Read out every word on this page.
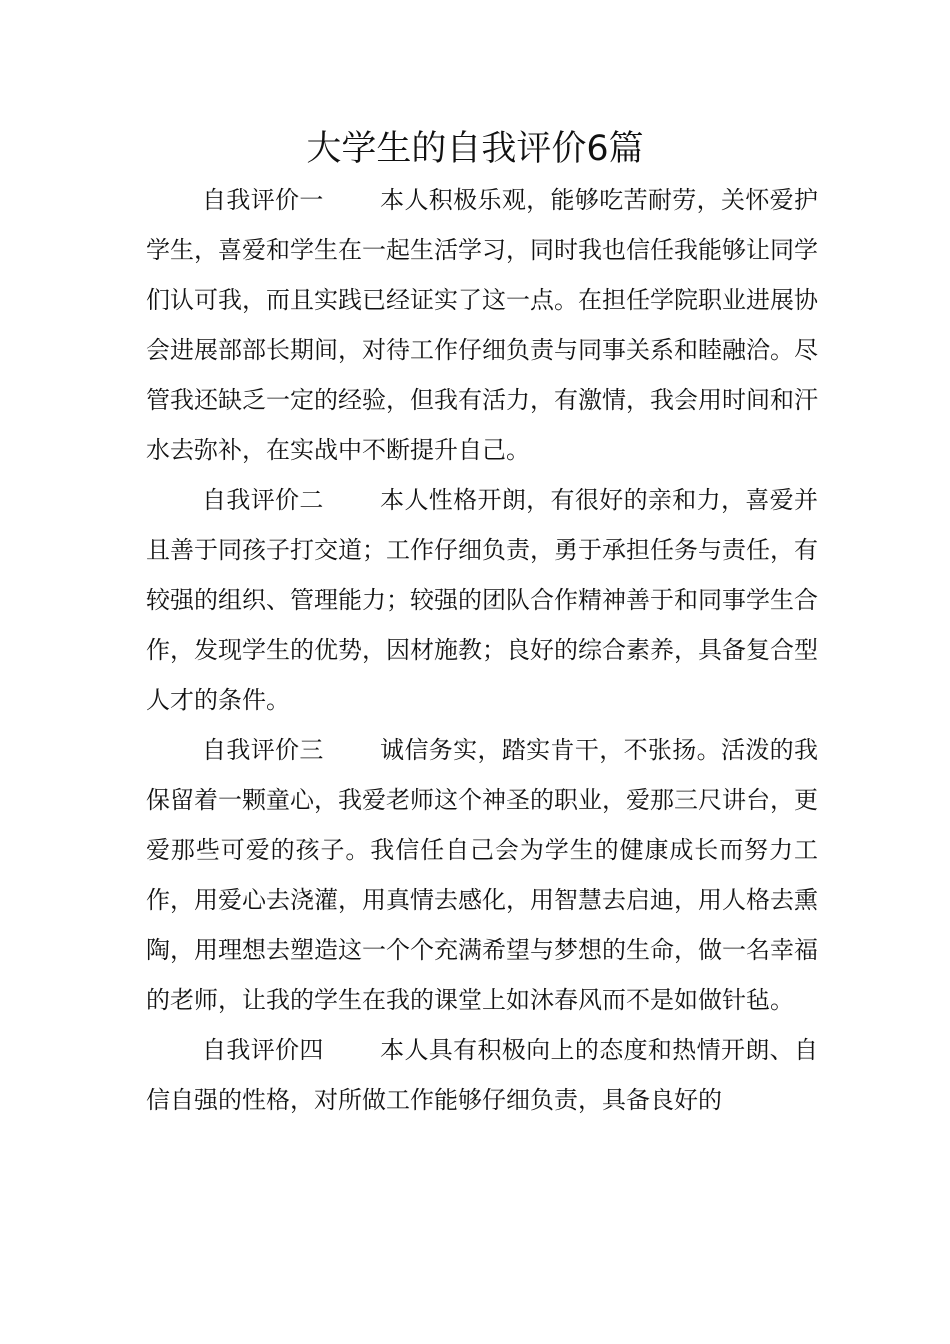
大学生的自我评价6篇

自我评价一 本人积极乐观，能够吃苦耐劳，关怀爱护学生，喜爱和学生在一起生活学习，同时我也信任我能够让同学们认可我，而且实践已经证实了这一点。在担任学院职业进展协会进展部部长期间，对待工作仔细负责与同事关系和睦融洽。尽管我还缺乏一定的经验，但我有活力，有激情，我会用时间和汗水去弥补，在实战中不断提升自己。

自我评价二 本人性格开朗，有很好的亲和力，喜爱并且善于同孩子打交道；工作仔细负责，勇于承担任务与责任，有较强的组织、管理能力；较强的团队合作精神善于和同事学生合作，发现学生的优势，因材施教；良好的综合素养，具备复合型人才的条件。

自我评价三 诚信务实，踏实肯干，不张扬。活泼的我保留着一颗童心，我爱老师这个神圣的职业，爱那三尺讲台，更爱那些可爱的孩子。我信任自己会为学生的健康成长而努力工作，用爱心去浇灌，用真情去感化，用智慧去启迪，用人格去熏陶，用理想去塑造这一个个充满希望与梦想的生命，做一名幸福的老师，让我的学生在我的课堂上如沐春风而不是如做针毡。

自我评价四 本人具有积极向上的态度和热情开朗、自信自强的性格，对所做工作能够仔细负责，具备良好的
